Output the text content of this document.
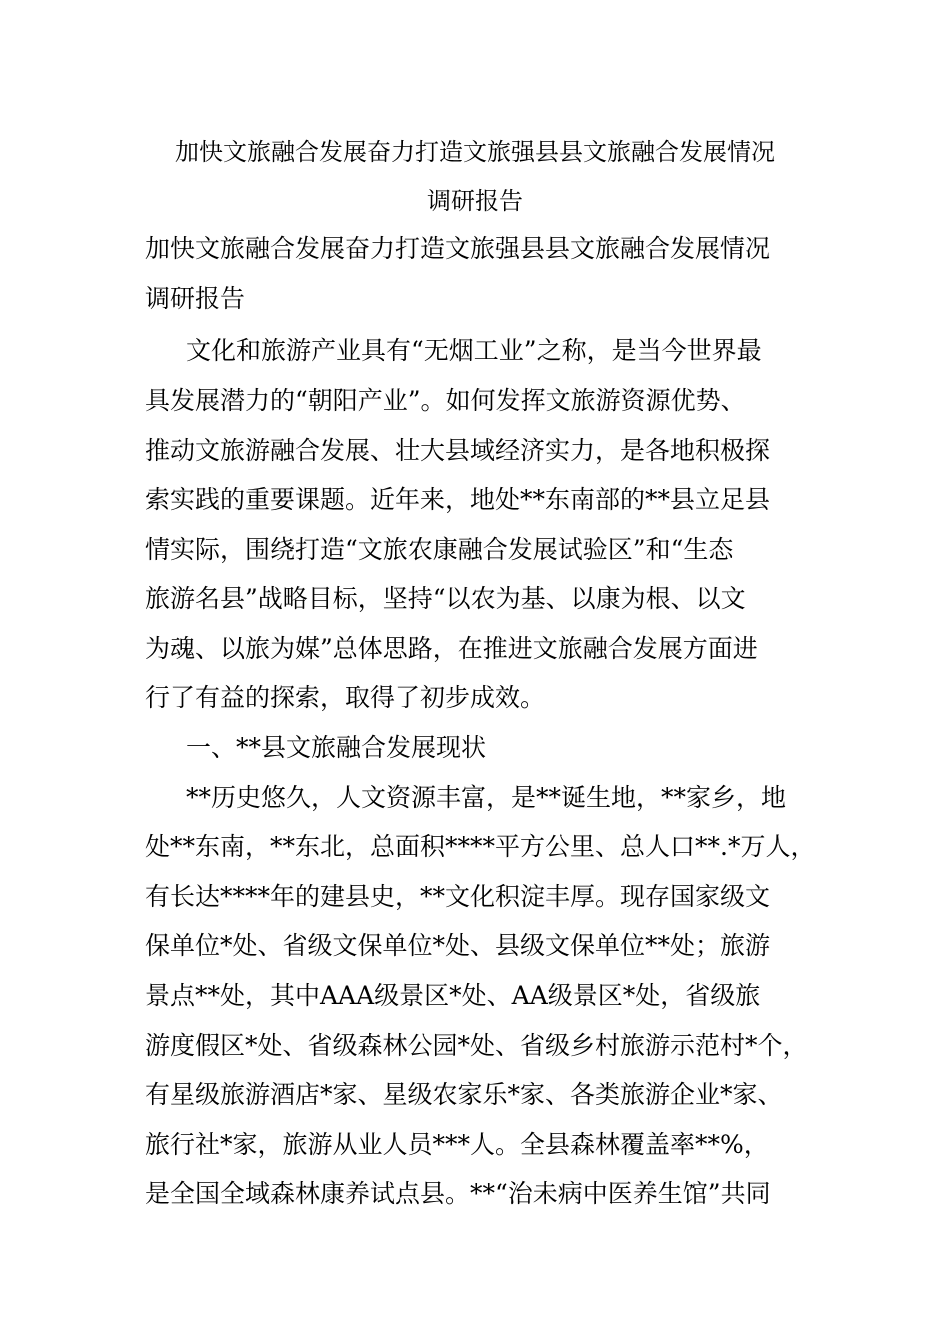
加快文旅融合发展奋力打造文旅强县县文旅融合发展情况
调研报告
加快文旅融合发展奋力打造文旅强县县文旅融合发展情况
调研报告
文化和旅游产业具有“无烟工业”之称，是当今世界最
具发展潜力的“朝阳产业”。如何发挥文旅游资源优势、
推动文旅游融合发展、壮大县域经济实力，是各地积极探
索实践的重要课题。近年来，地处**东南部的**县立足县
情实际，围绕打造“文旅农康融合发展试验区”和“生态
旅游名县”战略目标，坚持“以农为基、以康为根、以文
为魂、以旅为媒”总体思路，在推进文旅融合发展方面进
行了有益的探索，取得了初步成效。
一、**县文旅融合发展现状
**历史悠久，人文资源丰富，是**诞生地，**家乡，地
处**东南，**东北，总面积****平方公里、总人口**.*万人，
有长达****年的建县史，**文化积淀丰厚。现存国家级文
保单位*处、省级文保单位*处、县级文保单位**处；旅游
景点**处，其中AAA级景区*处、AA级景区*处，省级旅
游度假区*处、省级森林公园*处、省级乡村旅游示范村*个，
有星级旅游酒店*家、星级农家乐*家、各类旅游企业*家、
旅行社*家，旅游从业人员***人。全县森林覆盖率**%，
是全国全域森林康养试点县。**“治未病中医养生馆”共同
